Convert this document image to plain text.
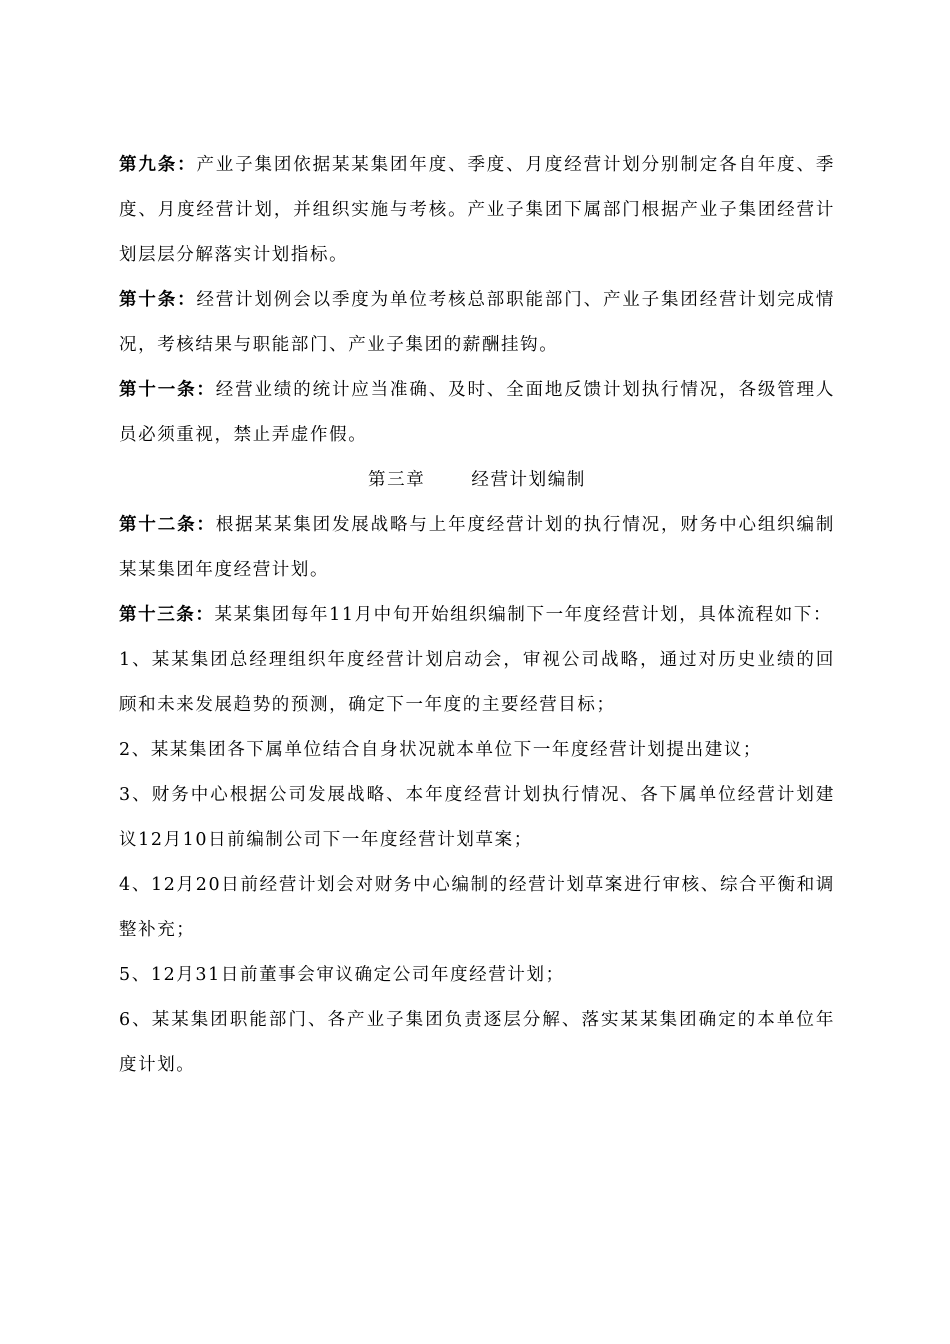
第九条：产业子集团依据某某集团年度、季度、月度经营计划分别制定各自年度、季度、月度经营计划，并组织实施与考核。产业子集团下属部门根据产业子集团经营计划层层分解落实计划指标。

第十条：经营计划例会以季度为单位考核总部职能部门、产业子集团经营计划完成情况，考核结果与职能部门、产业子集团的薪酬挂钩。

第十一条：经营业绩的统计应当准确、及时、全面地反馈计划执行情况，各级管理人员必须重视，禁止弄虚作假。

第三章	经营计划编制

第十二条：根据某某集团发展战略与上年度经营计划的执行情况，财务中心组织编制某某集团年度经营计划。

第十三条：某某集团每年11月中旬开始组织编制下一年度经营计划，具体流程如下：

1、某某集团总经理组织年度经营计划启动会，审视公司战略，通过对历史业绩的回顾和未来发展趋势的预测，确定下一年度的主要经营目标；

2、某某集团各下属单位结合自身状况就本单位下一年度经营计划提出建议；

3、财务中心根据公司发展战略、本年度经营计划执行情况、各下属单位经营计划建议12月10日前编制公司下一年度经营计划草案；

4、12月20日前经营计划会对财务中心编制的经营计划草案进行审核、综合平衡和调整补充；

5、12月31日前董事会审议确定公司年度经营计划；

6、某某集团职能部门、各产业子集团负责逐层分解、落实某某集团确定的本单位年度计划。
